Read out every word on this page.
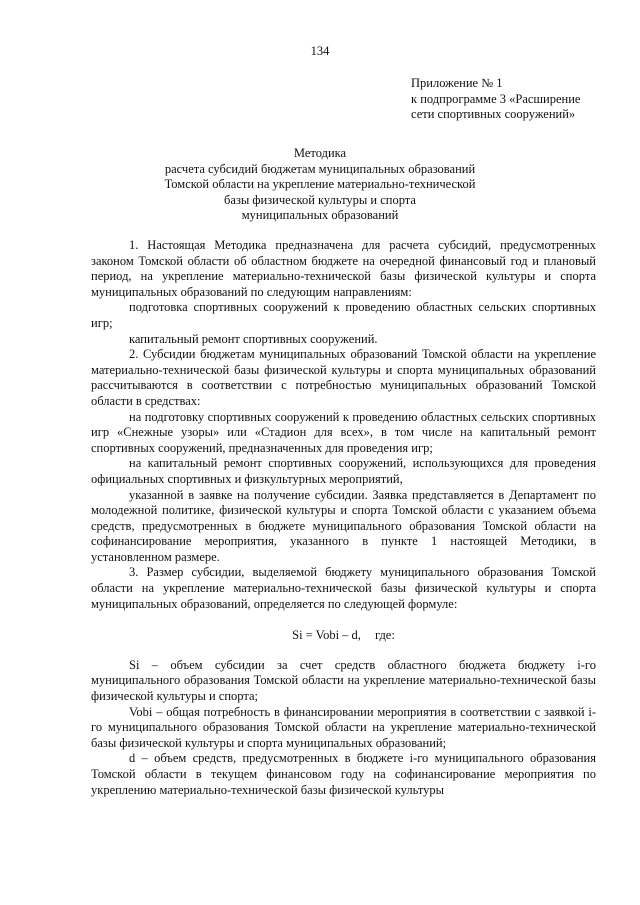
134
Приложение № 1
к подпрограмме 3 «Расширение
сети спортивных сооружений»
Методика
расчета субсидий бюджетам муниципальных образований
Томской области на укрепление материально-технической
базы физической культуры и спорта
муниципальных образований

1. Настоящая Методика предназначена для расчета субсидий, предусмотренных законом Томской области об областном бюджете на очередной финансовый год и плановый период, на укрепление материально-технической базы физической культуры и спорта муниципальных образований по следующим направлениям:

подготовка спортивных сооружений к проведению областных сельских спортивных игр;

капитальный ремонт спортивных сооружений.

2. Субсидии бюджетам муниципальных образований Томской области на укрепление материально-технической базы физической культуры и спорта муниципальных образований рассчитываются в соответствии с потребностью муниципальных образований Томской области в средствах:

на подготовку спортивных сооружений к проведению областных сельских спортивных игр «Снежные узоры» или «Стадион для всех», в том числе на капитальный ремонт спортивных сооружений, предназначенных для проведения игр;

на капитальный ремонт спортивных сооружений, использующихся для проведения официальных спортивных и физкультурных мероприятий,

указанной в заявке на получение субсидии. Заявка представляется в Департамент по молодежной политике, физической культуры и спорта Томской области с указанием объема средств, предусмотренных в бюджете муниципального образования Томской области на софинансирование мероприятия, указанного в пункте 1 настоящей Методики, в установленном размере.

3. Размер субсидии, выделяемой бюджету муниципального образования Томской области на укрепление материально-технической базы физической культуры и спорта муниципальных образований, определяется по следующей формуле:

Si = Vobi – d, где:

Si – объем субсидии за счет средств областного бюджета бюджету i-го муниципального образования Томской области на укрепление материально-технической базы физической культуры и спорта;

Vobi – общая потребность в финансировании мероприятия в соответствии с заявкой i-го муниципального образования Томской области на укрепление материально-технической базы физической культуры и спорта муниципальных образований;

d – объем средств, предусмотренных в бюджете i-го муниципального образования Томской области в текущем финансовом году на софинансирование мероприятия по укреплению материально-технической базы физической культуры
